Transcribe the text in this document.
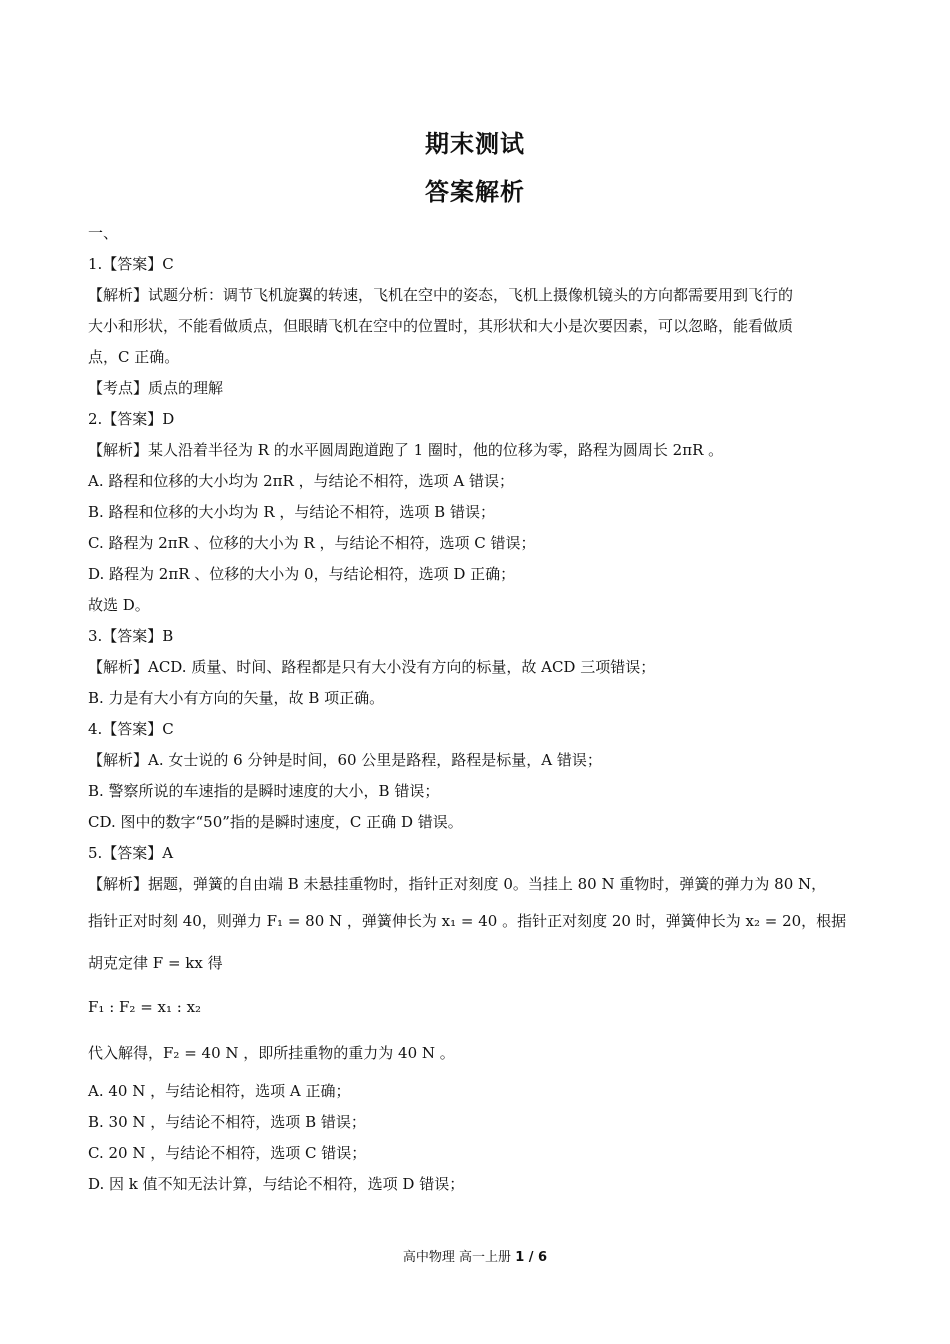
期末测试
答案解析

一、

1.【答案】C

【解析】试题分析：调节飞机旋翼的转速，飞机在空中的姿态，飞机上摄像机镜头的方向都需要用到飞行的

大小和形状，不能看做质点，但眼睛飞机在空中的位置时，其形状和大小是次要因素，可以忽略，能看做质

点，C 正确。

【考点】质点的理解

2.【答案】D

【解析】某人沿着半径为 R 的水平圆周跑道跑了 1 圈时，他的位移为零，路程为圆周长 2πR 。

A. 路程和位移的大小均为 2πR ，与结论不相符，选项 A 错误；

B. 路程和位移的大小均为 R ，与结论不相符，选项 B 错误；

C. 路程为 2πR 、位移的大小为 R ，与结论不相符，选项 C 错误；

D. 路程为 2πR 、位移的大小为 0，与结论相符，选项 D 正确；

故选 D。

3.【答案】B

【解析】ACD. 质量、时间、路程都是只有大小没有方向的标量，故 ACD 三项错误；

B. 力是有大小有方向的矢量，故 B 项正确。

4.【答案】C

【解析】A. 女士说的 6 分钟是时间，60 公里是路程，路程是标量，A 错误；

B. 警察所说的车速指的是瞬时速度的大小，B 错误；

CD. 图中的数字“50”指的是瞬时速度，C 正确 D 错误。

5.【答案】A

【解析】据题，弹簧的自由端 B 未悬挂重物时，指针正对刻度 0。当挂上 80 N 重物时，弹簧的弹力为 80 N，

指针正对时刻 40，则弹力 F₁ = 80 N ，弹簧伸长为 x₁ = 40 。指针正对刻度 20 时，弹簧伸长为 x₂ = 20，根据

胡克定律 F = kx 得

F₁ : F₂ = x₁ : x₂

代入解得，F₂ = 40 N ，即所挂重物的重力为 40 N 。

A. 40 N ，与结论相符，选项 A 正确；

B. 30 N ，与结论不相符，选项 B 错误；

C. 20 N ，与结论不相符，选项 C 错误；

D. 因 k 值不知无法计算，与结论不相符，选项 D 错误；

高中物理 高一上册 1 / 6
